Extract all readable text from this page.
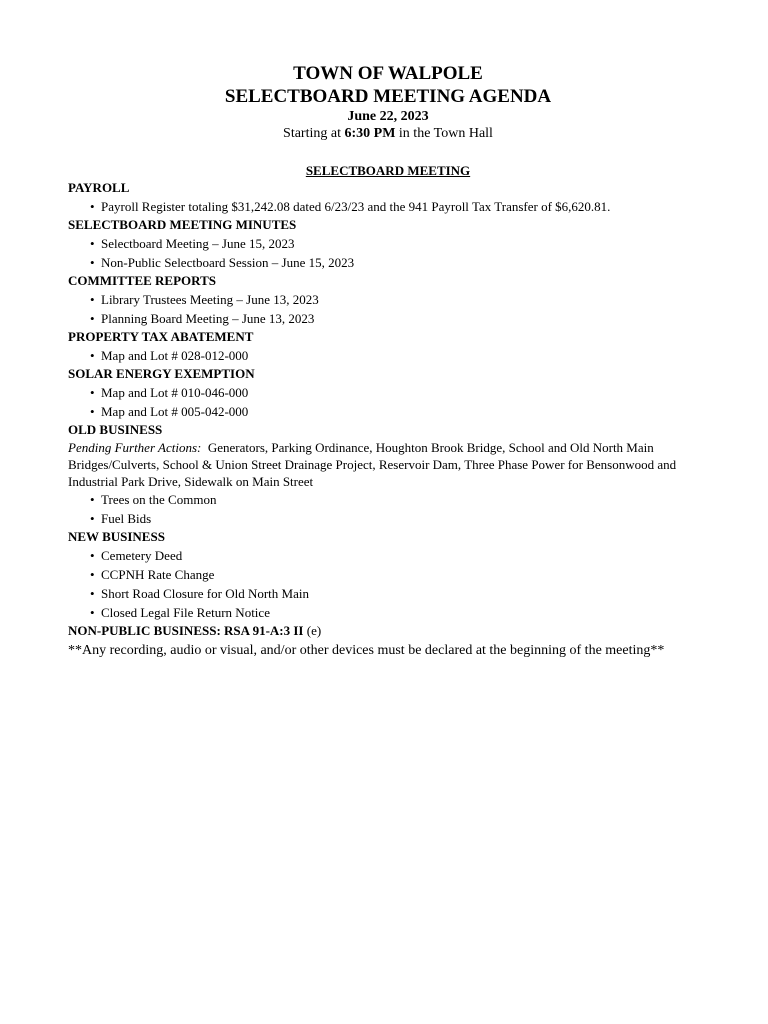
TOWN OF WALPOLE
SELECTBOARD MEETING AGENDA
June 22, 2023
Starting at 6:30 PM in the Town Hall
SELECTBOARD MEETING
PAYROLL
• Payroll Register totaling $31,242.08 dated 6/23/23 and the 941 Payroll Tax Transfer of $6,620.81.
SELECTBOARD MEETING MINUTES
• Selectboard Meeting – June 15, 2023
• Non-Public Selectboard Session – June 15, 2023
COMMITTEE REPORTS
• Library Trustees Meeting – June 13, 2023
• Planning Board Meeting – June 13, 2023
PROPERTY TAX ABATEMENT
• Map and Lot # 028-012-000
SOLAR ENERGY EXEMPTION
• Map and Lot # 010-046-000
• Map and Lot # 005-042-000
OLD BUSINESS
Pending Further Actions: Generators, Parking Ordinance, Houghton Brook Bridge, School and Old North Main Bridges/Culverts, School & Union Street Drainage Project, Reservoir Dam, Three Phase Power for Bensonwood and Industrial Park Drive, Sidewalk on Main Street
• Trees on the Common
• Fuel Bids
NEW BUSINESS
• Cemetery Deed
• CCPNH Rate Change
• Short Road Closure for Old North Main
• Closed Legal File Return Notice
NON-PUBLIC BUSINESS: RSA 91-A:3 II (e)
**Any recording, audio or visual, and/or other devices must be declared at the beginning of the meeting**
